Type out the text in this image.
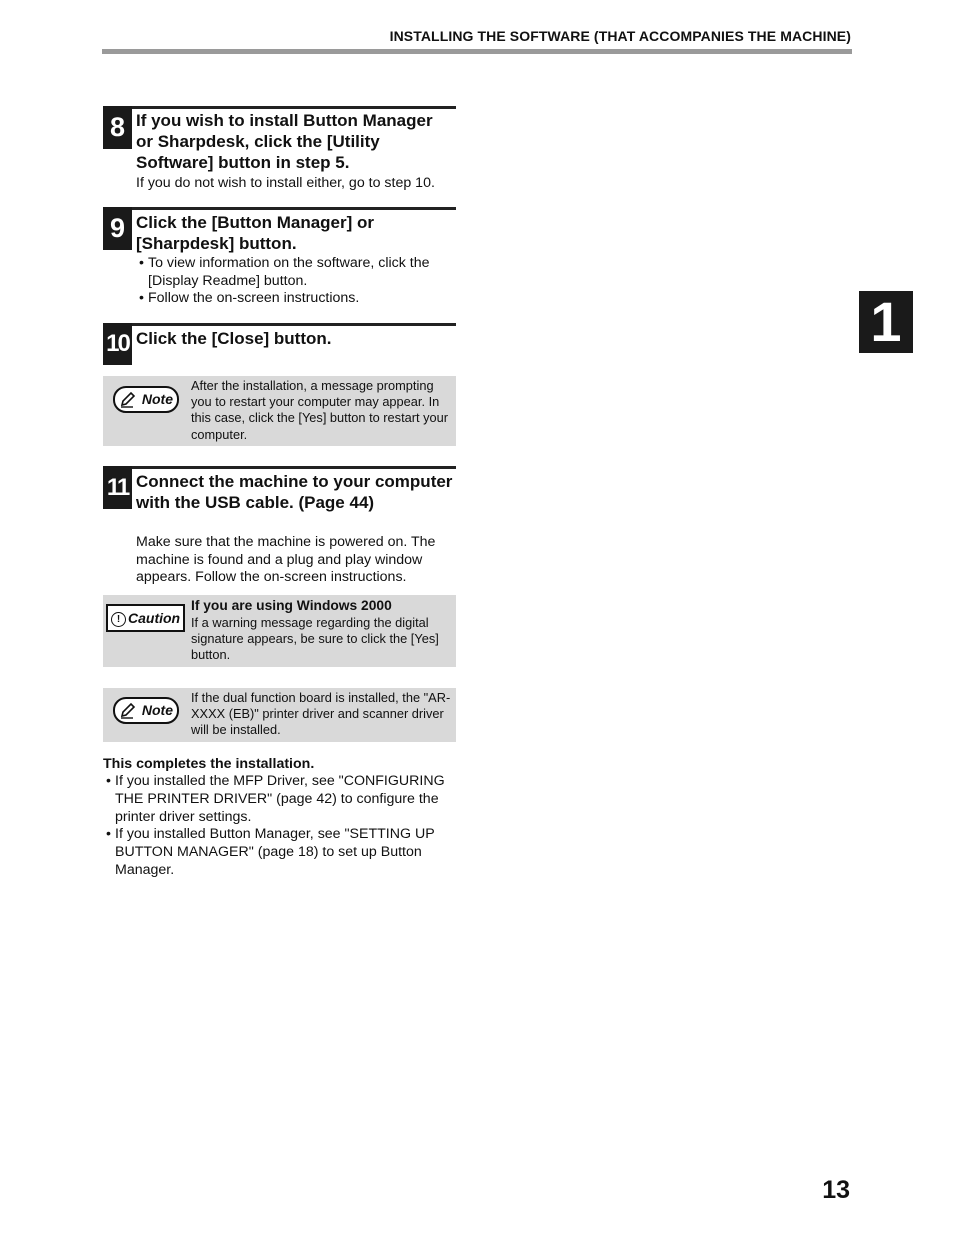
INSTALLING THE SOFTWARE (THAT ACCOMPANIES THE MACHINE)
8 If you wish to install Button Manager or Sharpdesk, click the [Utility Software] button in step 5.
If you do not wish to install either, go to step 10.
9 Click the [Button Manager] or [Sharpdesk] button.
• To view information on the software, click the [Display Readme] button.
• Follow the on-screen instructions.
10 Click the [Close] button.
Note
After the installation, a message prompting you to restart your computer may appear. In this case, click the [Yes] button to restart your computer.
11 Connect the machine to your computer with the USB cable. (Page 44)
Make sure that the machine is powered on. The machine is found and a plug and play window appears. Follow the on-screen instructions.
! Caution
If you are using Windows 2000
If a warning message regarding the digital signature appears, be sure to click the [Yes] button.
Note
If the dual function board is installed, the "AR-XXXX (EB)" printer driver and scanner driver will be installed.
This completes the installation.
• If you installed the MFP Driver, see "CONFIGURING THE PRINTER DRIVER" (page 42) to configure the printer driver settings.
• If you installed Button Manager, see "SETTING UP BUTTON MANAGER" (page 18) to set up Button Manager.
1
13
